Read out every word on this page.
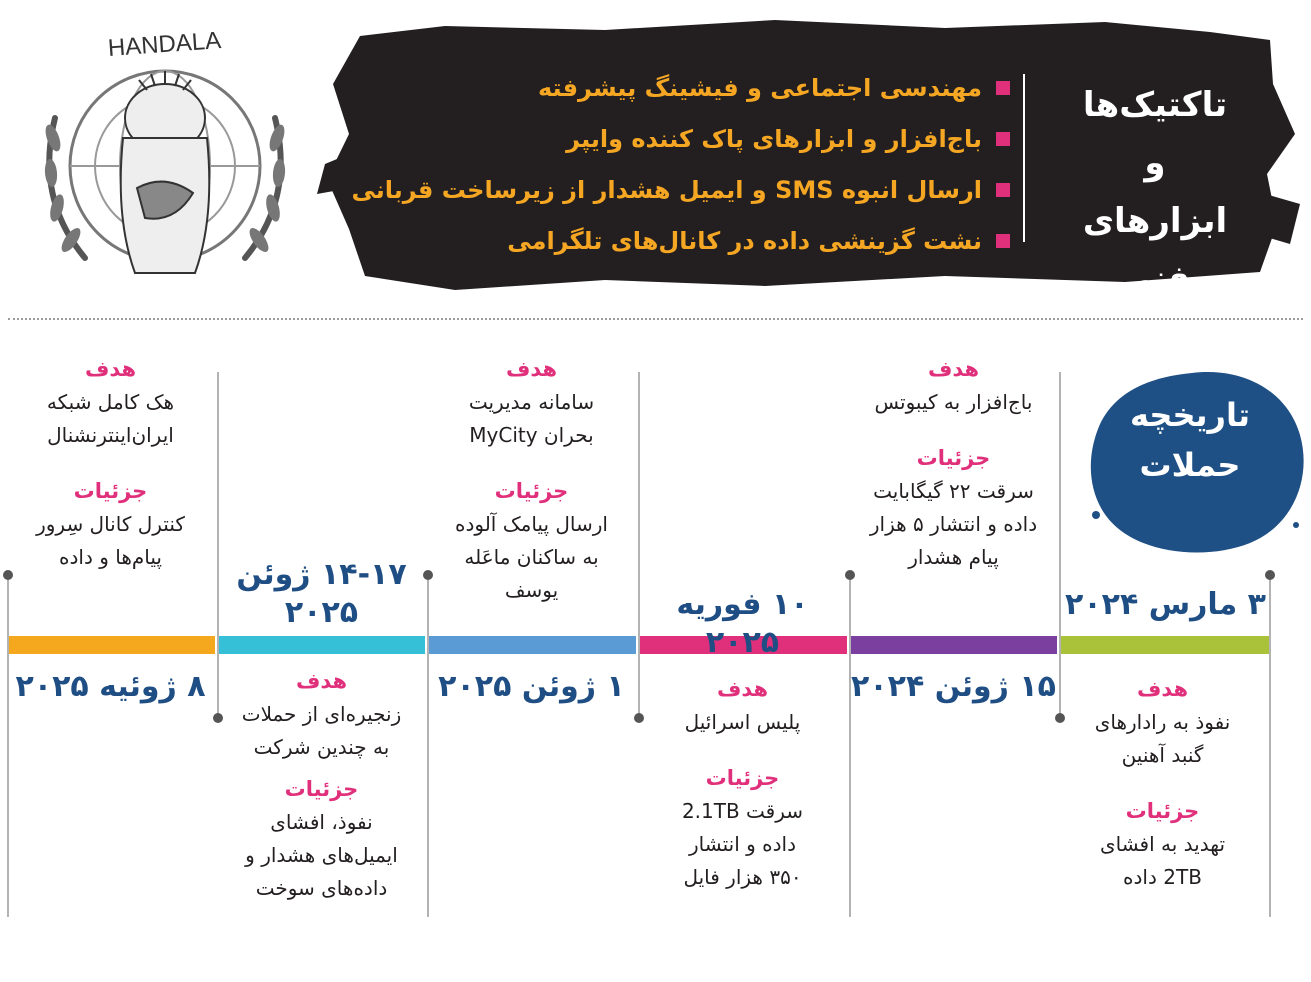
HANDALA
مهندسی اجتماعی و فیشینگ پیشرفته
باج‌افزار و ابزارهای پاک کننده وایپر
ارسال انبوه SMS و ایمیل هشدار از زیرساخت قربانی
نشت گزینشی داده در کانال‌های تلگرامی
تاکتیک‌ها
و
ابزارهای فنی
تاریخچه
حملات
۳ مارس ۲۰۲۴
هدف
نفوذ به رادارهای
گنبد آهنین
جزئیات
تهدید به افشای
2TB داده
هدف
باج‌افزار به کیبوتس
جزئیات
سرقت ۲۲ گیگابایت
داده و انتشار ۵ هزار
پیام هشدار
۱۵ ژوئن ۲۰۲۴
۱۰ فوریه ۲۰۲۵
هدف
پلیس اسرائیل
جزئیات
سرقت 2.1TB
داده و انتشار
۳۵۰ هزار فایل
هدف
سامانه مدیریت
بحران MyCity
جزئیات
ارسال پیامک آلوده
به ساکنان ماعَله
یوسف
۱ ژوئن ۲۰۲۵
۱۴-۱۷ ژوئن
۲۰۲۵
هدف
زنجیره‌ای از حملات
به چندین شرکت
جزئیات
نفوذ، افشای
ایمیل‌های هشدار و
داده‌های سوخت
هدف
هک کامل شبکه
ایران‌اینترنشنال
جزئیات
کنترل کانال سِرور
پیام‌ها و داده
۸ ژوئیه ۲۰۲۵
